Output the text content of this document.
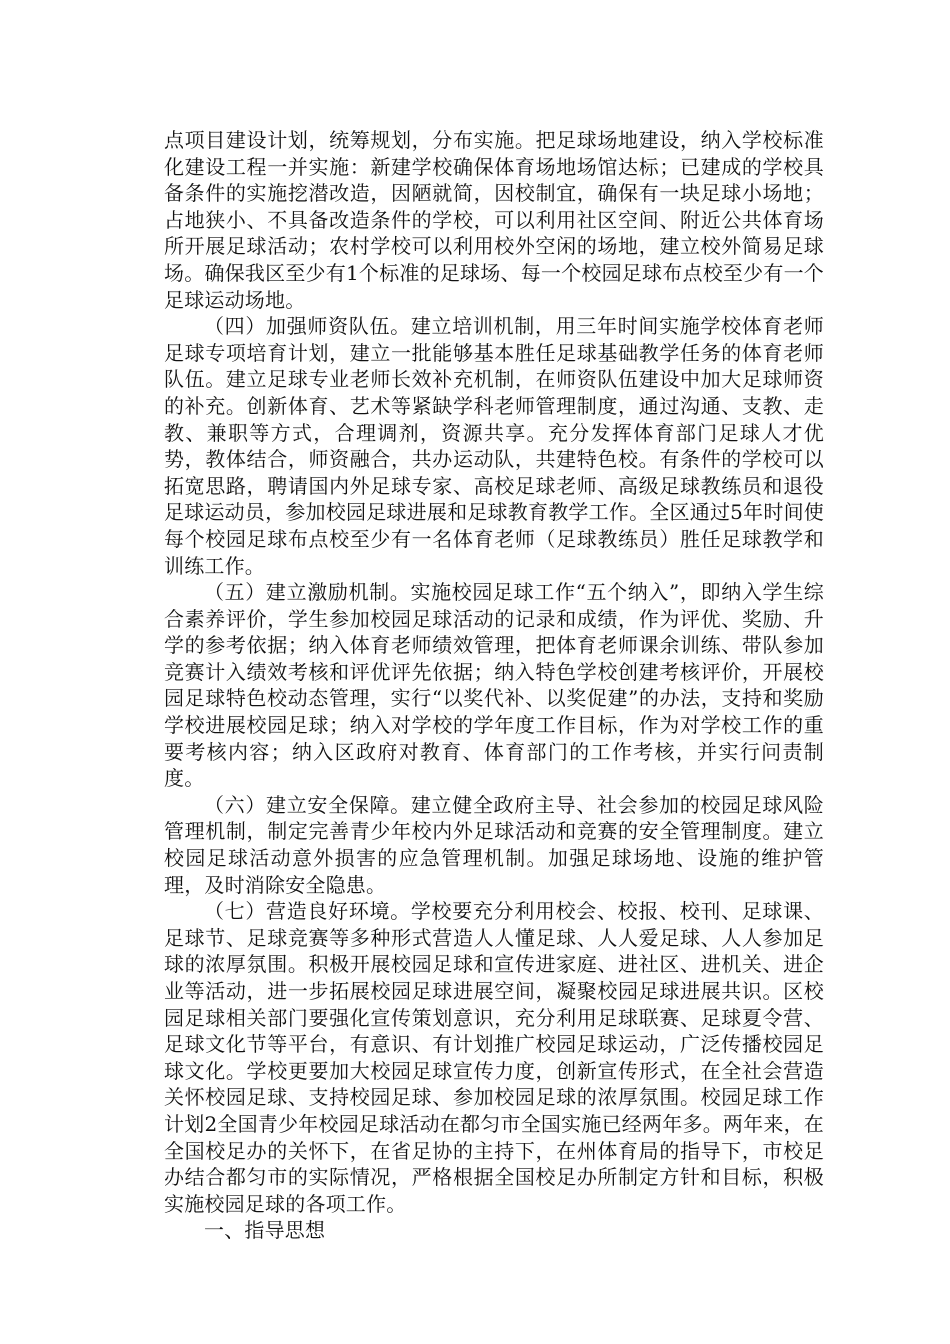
点项目建设计划，统筹规划，分布实施。把足球场地建设，纳入学校标准化建设工程一并实施：新建学校确保体育场地场馆达标；已建成的学校具备条件的实施挖潜改造，因陋就简，因校制宜，确保有一块足球小场地；占地狭小、不具备改造条件的学校，可以利用社区空间、附近公共体育场所开展足球活动；农村学校可以利用校外空闲的场地，建立校外简易足球场。确保我区至少有1个标准的足球场、每一个校园足球布点校至少有一个足球运动场地。

（四）加强师资队伍。建立培训机制，用三年时间实施学校体育老师足球专项培育计划，建立一批能够基本胜任足球基础教学任务的体育老师队伍。建立足球专业老师长效补充机制，在师资队伍建设中加大足球师资的补充。创新体育、艺术等紧缺学科老师管理制度，通过沟通、支教、走教、兼职等方式，合理调剂，资源共享。充分发挥体育部门足球人才优势，教体结合，师资融合，共办运动队，共建特色校。有条件的学校可以拓宽思路，聘请国内外足球专家、高校足球老师、高级足球教练员和退役足球运动员，参加校园足球进展和足球教育教学工作。全区通过5年时间使每个校园足球布点校至少有一名体育老师（足球教练员）胜任足球教学和训练工作。

（五）建立激励机制。实施校园足球工作“五个纳入”，即纳入学生综合素养评价，学生参加校园足球活动的记录和成绩，作为评优、奖励、升学的参考依据；纳入体育老师绩效管理，把体育老师课余训练、带队参加竞赛计入绩效考核和评优评先依据；纳入特色学校创建考核评价，开展校园足球特色校动态管理，实行“以奖代补、以奖促建”的办法，支持和奖励学校进展校园足球；纳入对学校的学年度工作目标，作为对学校工作的重要考核内容；纳入区政府对教育、体育部门的工作考核，并实行问责制度。

（六）建立安全保障。建立健全政府主导、社会参加的校园足球风险管理机制，制定完善青少年校内外足球活动和竞赛的安全管理制度。建立校园足球活动意外损害的应急管理机制。加强足球场地、设施的维护管理，及时消除安全隐患。

（七）营造良好环境。学校要充分利用校会、校报、校刊、足球课、足球节、足球竞赛等多种形式营造人人懂足球、人人爱足球、人人参加足球的浓厚氛围。积极开展校园足球和宣传进家庭、进社区、进机关、进企业等活动，进一步拓展校园足球进展空间，凝聚校园足球进展共识。区校园足球相关部门要强化宣传策划意识，充分利用足球联赛、足球夏令营、足球文化节等平台，有意识、有计划推广校园足球运动，广泛传播校园足球文化。学校更要加大校园足球宣传力度，创新宣传形式，在全社会营造关怀校园足球、支持校园足球、参加校园足球的浓厚氛围。校园足球工作计划2全国青少年校园足球活动在都匀市全国实施已经两年多。两年来，在全国校足办的关怀下，在省足协的主持下，在州体育局的指导下，市校足办结合都匀市的实际情况，严格根据全国校足办所制定方针和目标，积极实施校园足球的各项工作。

一、指导思想
